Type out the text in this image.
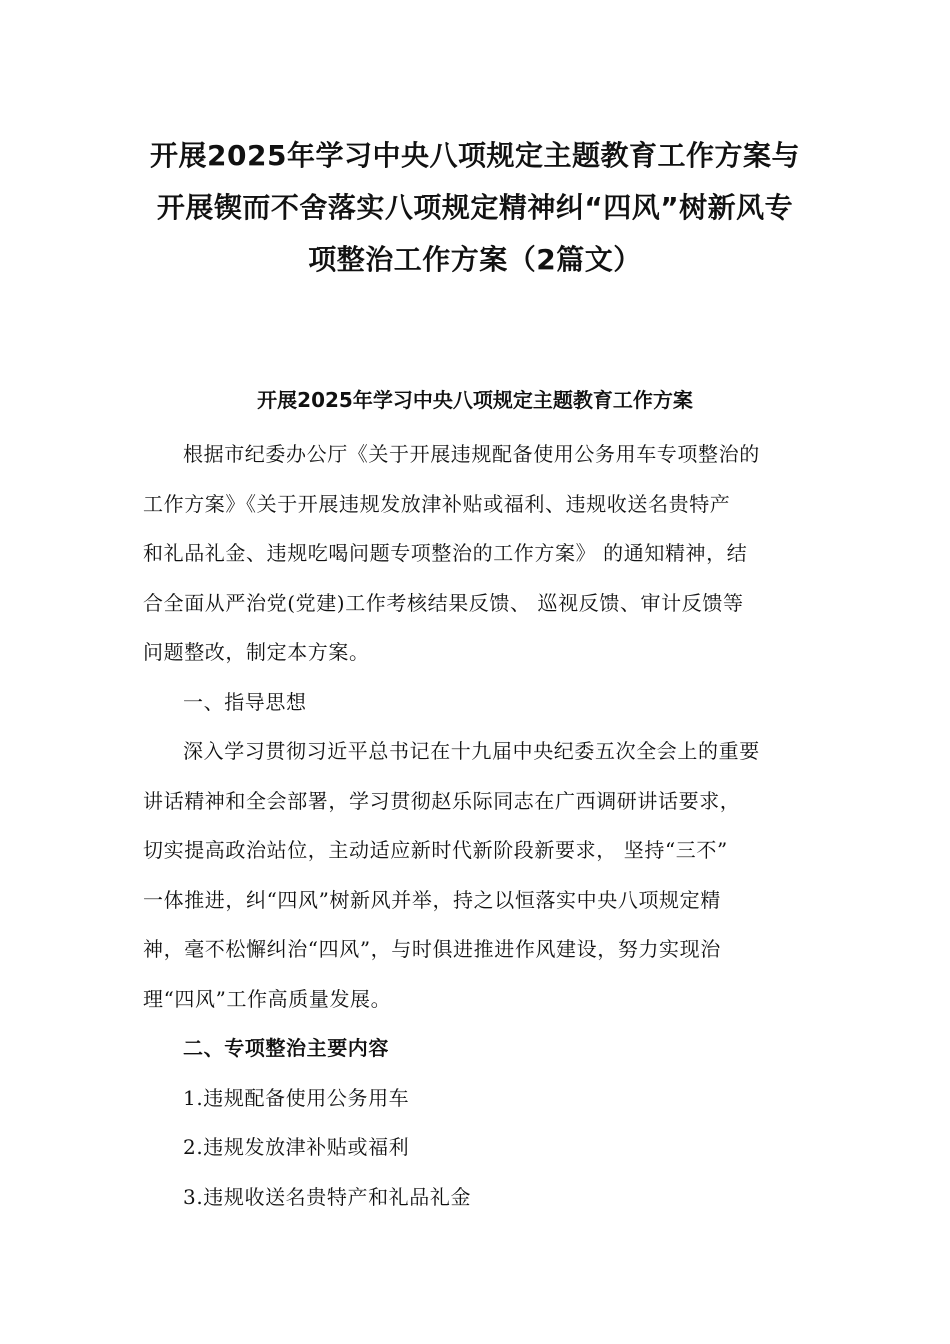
开展2025年学习中央八项规定主题教育工作方案与
开展锲而不舍落实八项规定精神纠“四风”树新风专
项整治工作方案（2篇文）
开展2025年学习中央八项规定主题教育工作方案

根据市纪委办公厅《关于开展违规配备使用公务用车专项整治的
工作方案》《关于开展违规发放津补贴或福利、违规收送名贵特产
和礼品礼金、违规吃喝问题专项整治的工作方案》 的通知精神，结
合全面从严治党(党建)工作考核结果反馈、 巡视反馈、审计反馈等
问题整改，制定本方案。

一、指导思想

深入学习贯彻习近平总书记在十九届中央纪委五次全会上的重要
讲话精神和全会部署，学习贯彻赵乐际同志在广西调研讲话要求，
切实提高政治站位，主动适应新时代新阶段新要求， 坚持“三不”
一体推进，纠“四风”树新风并举，持之以恒落实中央八项规定精
神，毫不松懈纠治“四风”，与时俱进推进作风建设，努力实现治
理“四风”工作高质量发展。

二、专项整治主要内容

1.违规配备使用公务用车

2.违规发放津补贴或福利

3.违规收送名贵特产和礼品礼金
